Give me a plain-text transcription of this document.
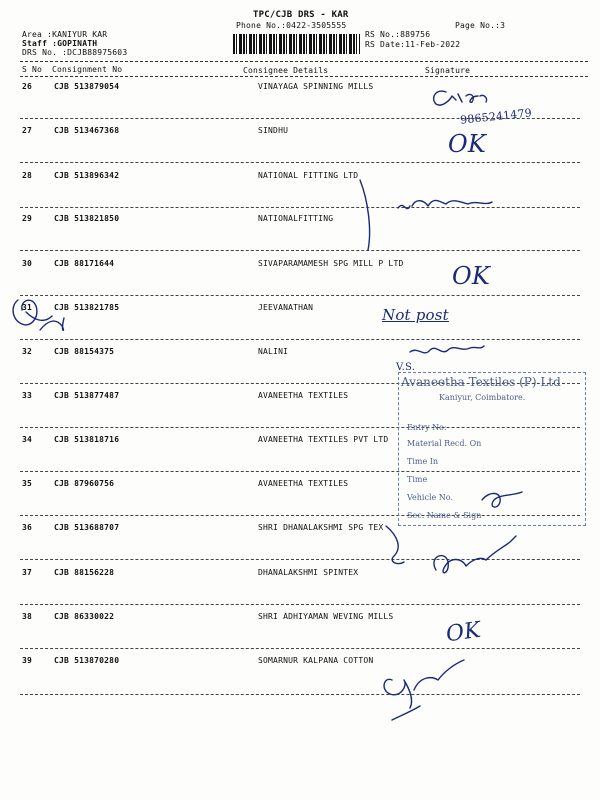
TPC/CJB DRS - KAR
Phone No.:0422-3505555	Page No.:3
Area :KANIYUR KAR
Staff :GOPINATH
DRS No. :DCJB88975603
RS No.:889756
RS Date:11-Feb-2022
S No Consignment No	Consignee Details	Signature
26	CJB 513879054	VINAYAGA SPINNING MILLS
27	CJB 513467368	SINDHU
28	CJB 513896342	NATIONAL FITTING LTD
29	CJB 513821850	NATIONALFITTING
30	CJB 88171644	SIVAPARAMAMESH SPG MILL P LTD
31	CJB 513821785	JEEVANATHAN
32	CJB 88154375	NALINI
33	CJB 513877487	AVANEETHA TEXTILES
34	CJB 513818716	AVANEETHA TEXTILES PVT LTD
35	CJB 87960756	AVANEETHA TEXTILES
36	CJB 513688707	SHRI DHANALAKSHMI SPG TEX
37	CJB 88156228	DHANALAKSHMI SPINTEX
38	CJB 86330022	SHRI ADHIYAMAN WEVING MILLS
39	CJB 513870280	SOMARNUR KALPANA COTTON
Avaneetha Textiles (P) Ltd
Kaniyur, Coimbatore.
Entry No:
Material Recd. On
Time In
Time
Vehicle No.
Sec. Name & Sign
9865241479
OK
OK
Not post
V.S.
OK
